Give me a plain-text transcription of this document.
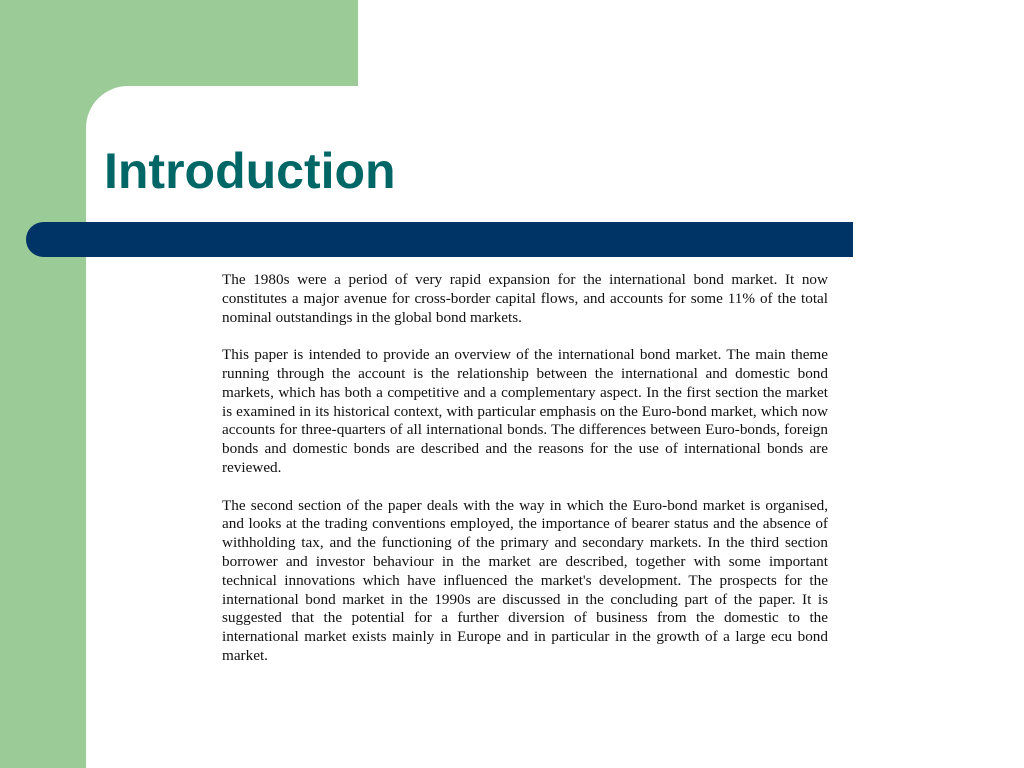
Introduction

The 1980s were a period of very rapid expansion for the international bond market. It now constitutes a major avenue for cross-border capital flows, and accounts for some 11% of the total nominal outstandings in the global bond markets.

This paper is intended to provide an overview of the international bond market. The main theme running through the account is the relationship between the international and domestic bond markets, which has both a competitive and a complementary aspect. In the first section the market is examined in its historical context, with particular emphasis on the Euro-bond market, which now accounts for three-quarters of all international bonds. The differences between Euro-bonds, foreign bonds and domestic bonds are described and the reasons for the use of international bonds are reviewed.

The second section of the paper deals with the way in which the Euro-bond market is organised, and looks at the trading conventions employed, the importance of bearer status and the absence of withholding tax, and the functioning of the primary and secondary markets. In the third section borrower and investor behaviour in the market are described, together with some important technical innovations which have influenced the market's development. The prospects for the international bond market in the 1990s are discussed in the concluding part of the paper. It is suggested that the potential for a further diversion of business from the domestic to the international market exists mainly in Europe and in particular in the growth of a large ecu bond market.
